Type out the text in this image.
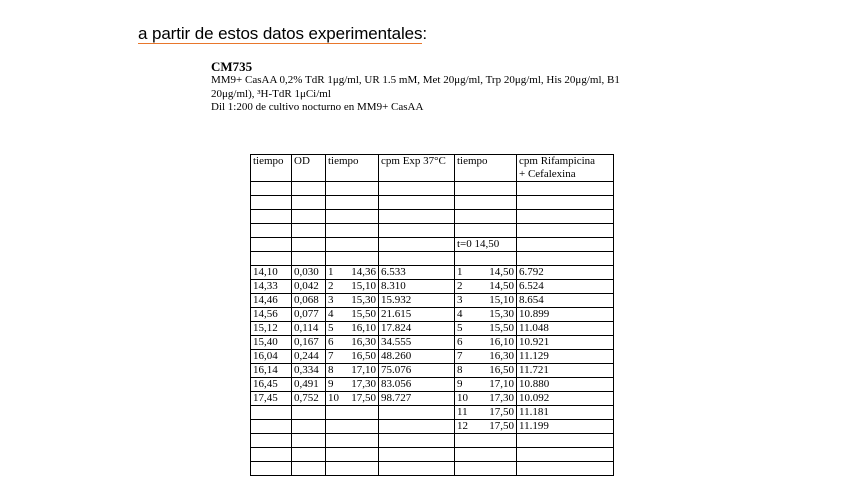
a partir de estos datos experimentales:
CM735
MM9+ CasAA 0,2% TdR 1μg/ml, UR 1.5 mM, Met 20μg/ml, Trp 20μg/ml, His 20μg/ml, B1
20μg/ml), ³H-TdR 1μCi/ml
Dil 1:200 de cultivo nocturno en MM9+ CasAA
tiempo	OD	tiempo	cpm Exp 37°C	tiempo	cpm Rifampicina
+ Cefalexina

				t=0 14,50	

14,10	0,030	1 14,36	6.533	1 14,50	6.792
14,33	0,042	2 15,10	8.310	2 14,50	6.524
14,46	0,068	3 15,30	15.932	3 15,10	8.654
14,56	0,077	4 15,50	21.615	4 15,30	10.899
15,12	0,114	5 16,10	17.824	5 15,50	11.048
15,40	0,167	6 16,30	34.555	6 16,10	10.921
16,04	0,244	7 16,50	48.260	7 16,30	11.129
16,14	0,334	8 17,10	75.076	8 16,50	11.721
16,45	0,491	9 17,30	83.056	9 17,10	10.880
17,45	0,752	10 17,50	98.727	10 17,30	10.092

				11 17,50	11.181

				12 17,50	11.199
